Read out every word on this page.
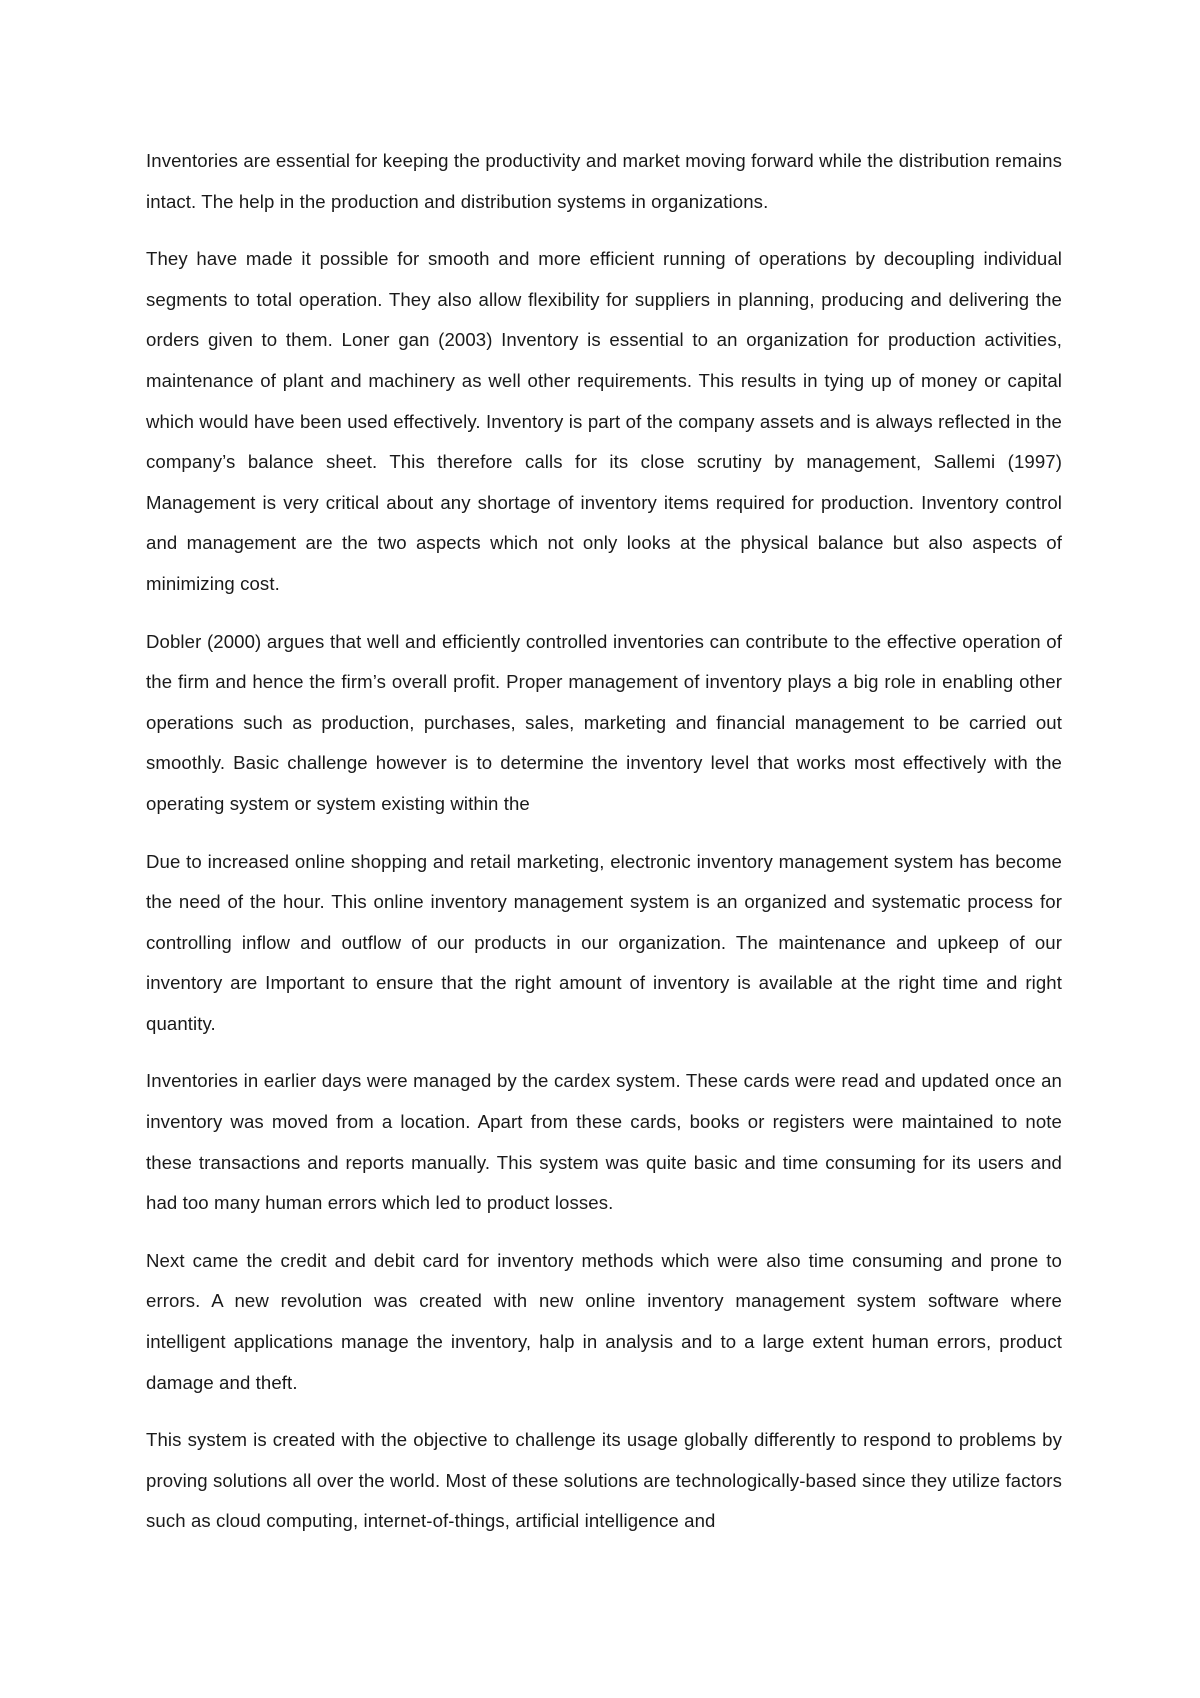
Inventories are essential for keeping the productivity and market moving forward while the distribution remains intact. The help in the production and distribution systems in organizations.

They have made it possible for smooth and more efficient running of operations by decoupling individual segments to total operation. They also allow flexibility for suppliers in planning, producing and delivering the orders given to them. Loner gan (2003) Inventory is essential to an organization for production activities, maintenance of plant and machinery as well other requirements. This results in tying up of money or capital which would have been used effectively. Inventory is part of the company assets and is always reflected in the company’s balance sheet. This therefore calls for its close scrutiny by management, Sallemi (1997) Management is very critical about any shortage of inventory items required for production. Inventory control and management are the two aspects which not only looks at the physical balance but also aspects of minimizing cost.

Dobler (2000) argues that well and efficiently controlled inventories can contribute to the effective operation of the firm and hence the firm’s overall profit. Proper management of inventory plays a big role in enabling other operations such as production, purchases, sales, marketing and financial management to be carried out smoothly. Basic challenge however is to determine the inventory level that works most effectively with the operating system or system existing within the

Due to increased online shopping and retail marketing, electronic inventory management system has become the need of the hour. This online inventory management system is an organized and systematic process for controlling inflow and outflow of our products in our organization. The maintenance and upkeep of our inventory are Important to ensure that the right amount of inventory is available at the right time and right quantity.

Inventories in earlier days were managed by the cardex system. These cards were read and updated once an inventory was moved from a location. Apart from these cards, books or registers were maintained to note these transactions and reports manually. This system was quite basic and time consuming for its users and had too many human errors which led to product losses.

Next came the credit and debit card for inventory methods which were also time consuming and prone to errors. A new revolution was created with new online inventory management system software where intelligent applications manage the inventory, halp in analysis and to a large extent human errors, product damage and theft.

This system is created with the objective to challenge its usage globally differently to respond to problems by proving solutions all over the world. Most of these solutions are technologically-based since they utilize factors such as cloud computing, internet-of-things, artificial intelligence and
